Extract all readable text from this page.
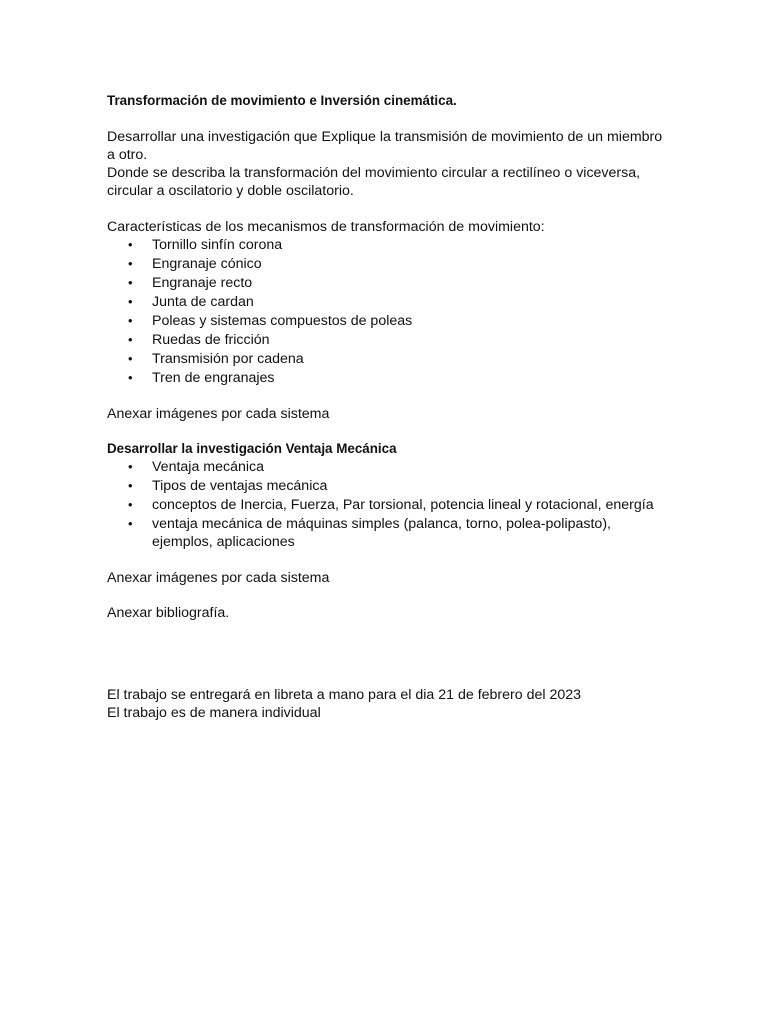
Transformación de movimiento e Inversión cinemática.

Desarrollar una investigación que Explique la transmisión de movimiento de un miembro a otro.

Donde se describa la transformación del movimiento circular a rectilíneo o viceversa, circular a oscilatorio y doble oscilatorio.

Características de los mecanismos de transformación de movimiento:

• Tornillo sinfín corona
• Engranaje cónico
• Engranaje recto
• Junta de cardan
• Poleas y sistemas compuestos de poleas
• Ruedas de fricción
• Transmisión por cadena
• Tren de engranajes

Anexar imágenes por cada sistema

Desarrollar la investigación Ventaja Mecánica

• Ventaja mecánica
• Tipos de ventajas mecánica
• conceptos de Inercia, Fuerza, Par torsional, potencia lineal y rotacional, energía
• ventaja mecánica de máquinas simples (palanca, torno, polea-polipasto), ejemplos, aplicaciones

Anexar imágenes por cada sistema

Anexar bibliografía.

El trabajo se entregará en libreta a mano para el dia 21 de febrero del 2023

El trabajo es de manera individual
